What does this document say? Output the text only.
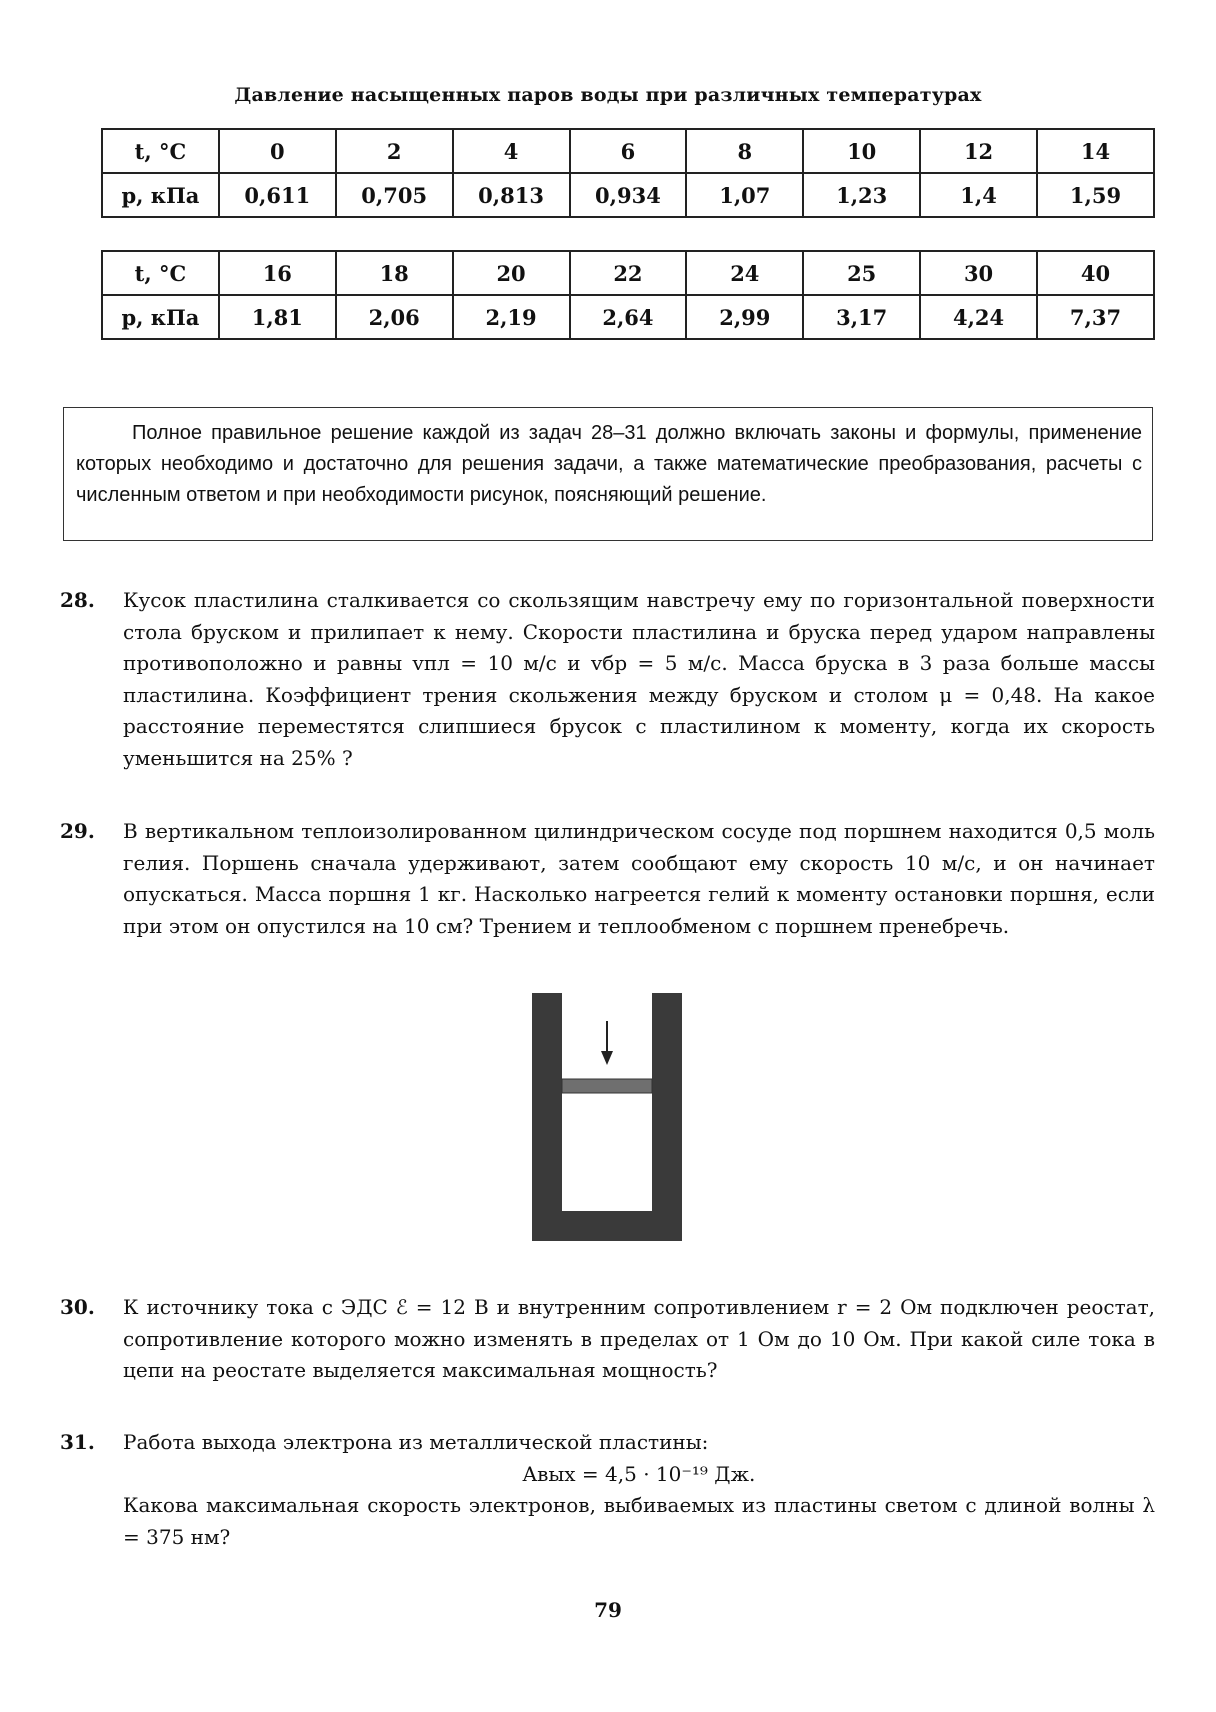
Давление насыщенных паров воды при различных температурах
t, °C	0	2	4	6	8	10	12	14
p, кПа	0,611	0,705	0,813	0,934	1,07	1,23	1,4	1,59
t, °C	16	18	20	22	24	25	30	40
p, кПа	1,81	2,06	2,19	2,64	2,99	3,17	4,24	7,37
Полное правильное решение каждой из задач 28–31 должно включать законы и формулы, применение которых необходимо и достаточно для решения задачи, а также математические преобразования, расчеты с численным ответом и при необходимости рисунок, поясняющий решение.
28.	Кусок пластилина сталкивается со скользящим навстречу ему по горизонтальной поверхности стола бруском и прилипает к нему. Скорости пластилина и бруска перед ударом направлены противоположно и равны vпл = 10 м/с и vбр = 5 м/с. Масса бруска в 3 раза больше массы пластилина. Коэффициент трения скольжения между бруском и столом μ = 0,48. На какое расстояние переместятся слипшиеся брусок с пластилином к моменту, когда их скорость уменьшится на 25% ?
29.	В вертикальном теплоизолированном цилиндрическом сосуде под поршнем находится 0,5 моль гелия. Поршень сначала удерживают, затем сообщают ему скорость 10 м/с, и он начинает опускаться. Масса поршня 1 кг. Насколько нагреется гелий к моменту остановки поршня, если при этом он опустился на 10 см? Трением и теплообменом с поршнем пренебречь.
30.	К источнику тока с ЭДС ℰ = 12 В и внутренним сопротивлением r = 2 Ом подключен реостат, сопротивление которого можно изменять в пределах от 1 Ом до 10 Ом. При какой силе тока в цепи на реостате выделяется максимальная мощность?
31.	Работа выхода электрона из металлической пластины:
Aвых = 4,5 · 10⁻¹⁹ Дж.
Какова максимальная скорость электронов, выбиваемых из пластины светом с длиной волны λ = 375 нм?
79
